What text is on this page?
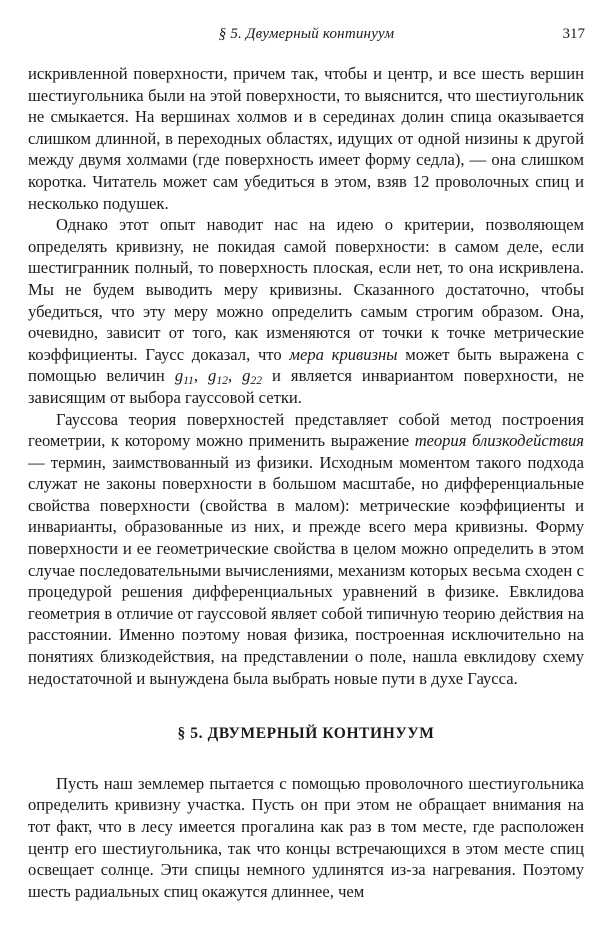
§ 5. Двумерный континуум	317

искривленной поверхности, причем так, чтобы и центр, и все шесть вершин шестиугольника были на этой поверхности, то выяснится, что шестиугольник не смыкается. На вершинах холмов и в серединах долин спица оказывается слишком длинной, в переходных областях, идущих от одной низины к другой между двумя холмами (где поверхность имеет форму седла), — она слишком коротка. Читатель может сам убедиться в этом, взяв 12 проволочных спиц и несколько подушек.

Однако этот опыт наводит нас на идею о критерии, позволяющем определять кривизну, не покидая самой поверхности: в самом деле, если шестигранник полный, то поверхность плоская, если нет, то она искривлена. Мы не будем выводить меру кривизны. Сказанного достаточно, чтобы убедиться, что эту меру можно определить самым строгим образом. Она, очевидно, зависит от того, как изменяются от точки к точке метрические коэффициенты. Гаусс доказал, что мера кривизны может быть выражена с помощью величин $g_{11}$, $g_{12}$, $g_{22}$ и является инвариантом поверхности, не зависящим от выбора гауссовой сетки.

Гауссова теория поверхностей представляет собой метод построения геометрии, к которому можно применить выражение теория близкодействия — термин, заимствованный из физики. Исходным моментом такого подхода служат не законы поверхности в большом масштабе, но дифференциальные свойства поверхности (свойства в малом): метрические коэффициенты и инварианты, образованные из них, и прежде всего мера кривизны. Форму поверхности и ее геометрические свойства в целом можно определить в этом случае последовательными вычислениями, механизм которых весьма сходен с процедурой решения дифференциальных уравнений в физике. Евклидова геометрия в отличие от гауссовой являет собой типичную теорию действия на расстоянии. Именно поэтому новая физика, построенная исключительно на понятиях близкодействия, на представлении о поле, нашла евклидову схему недостаточной и вынуждена была выбрать новые пути в духе Гаусса.

§ 5. ДВУМЕРНЫЙ КОНТИНУУМ

Пусть наш землемер пытается с помощью проволочного шестиугольника определить кривизну участка. Пусть он при этом не обращает внимания на тот факт, что в лесу имеется прогалина как раз в том месте, где расположен центр его шестиугольника, так что концы встречающихся в этом месте спиц освещает солнце. Эти спицы немного удлинятся из-за нагревания. Поэтому шесть радиальных спиц окажутся длиннее, чем
